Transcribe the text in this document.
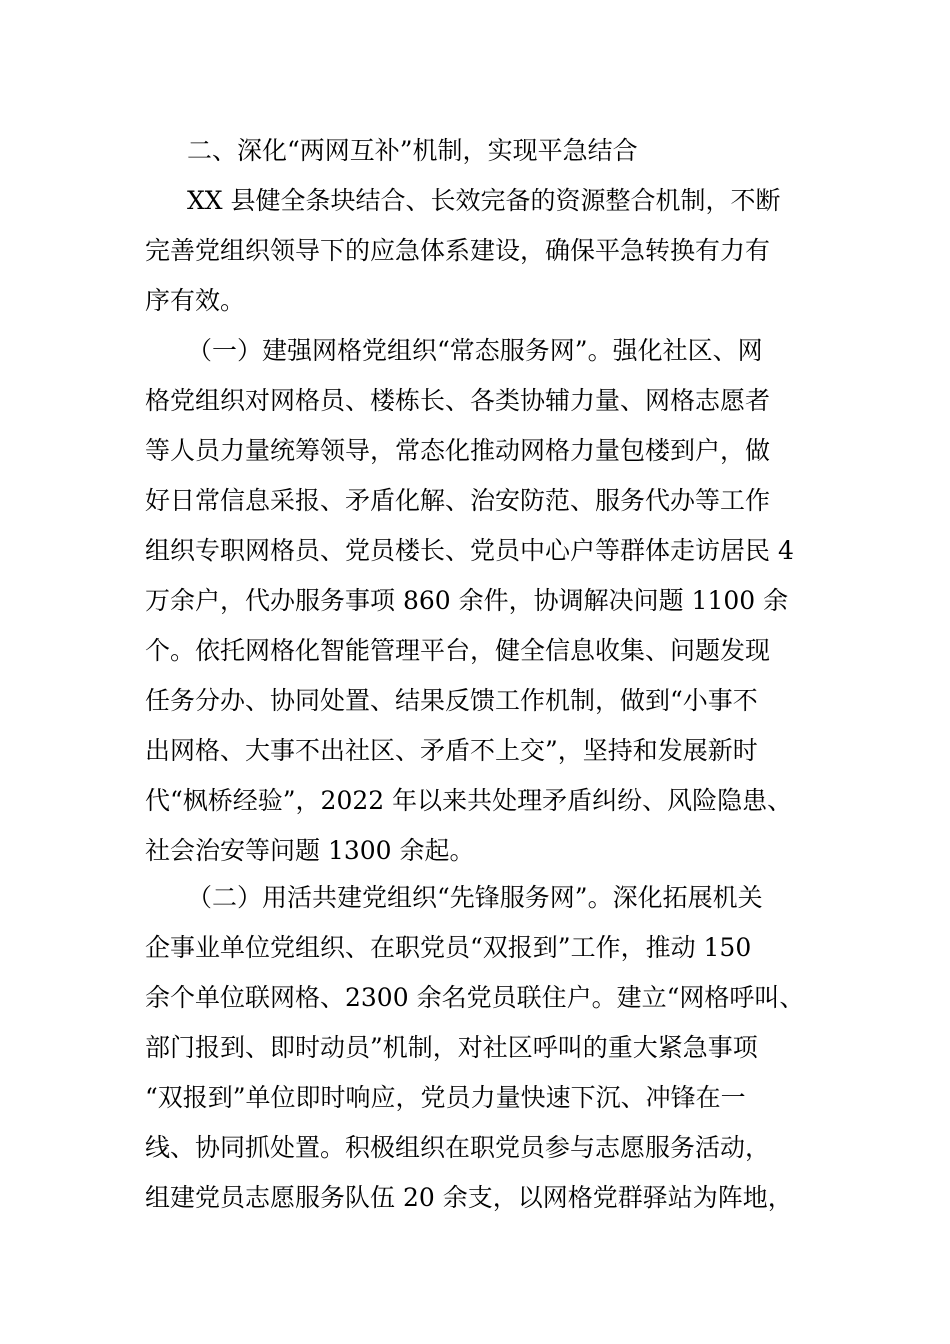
二、深化“两网互补”机制，实现平急结合

XX 县健全条块结合、长效完备的资源整合机制，不断

完善党组织领导下的应急体系建设，确保平急转换有力有

序有效。

（一）建强网格党组织“常态服务网”。强化社区、网

格党组织对网格员、楼栋长、各类协辅力量、网格志愿者

等人员力量统筹领导，常态化推动网格力量包楼到户，做

好日常信息采报、矛盾化解、治安防范、服务代办等工作

组织专职网格员、党员楼长、党员中心户等群体走访居民 4

万余户，代办服务事项 860 余件，协调解决问题 1100 余

个。依托网格化智能管理平台，健全信息收集、问题发现

任务分办、协同处置、结果反馈工作机制，做到“小事不

出网格、大事不出社区、矛盾不上交”，坚持和发展新时

代“枫桥经验”，2022 年以来共处理矛盾纠纷、风险隐患、

社会治安等问题 1300 余起。

（二）用活共建党组织“先锋服务网”。深化拓展机关

企事业单位党组织、在职党员“双报到”工作，推动 150

余个单位联网格、2300 余名党员联住户。建立“网格呼叫、

部门报到、即时动员”机制，对社区呼叫的重大紧急事项

“双报到”单位即时响应，党员力量快速下沉、冲锋在一

线、协同抓处置。积极组织在职党员参与志愿服务活动，

组建党员志愿服务队伍 20 余支，以网格党群驿站为阵地，
